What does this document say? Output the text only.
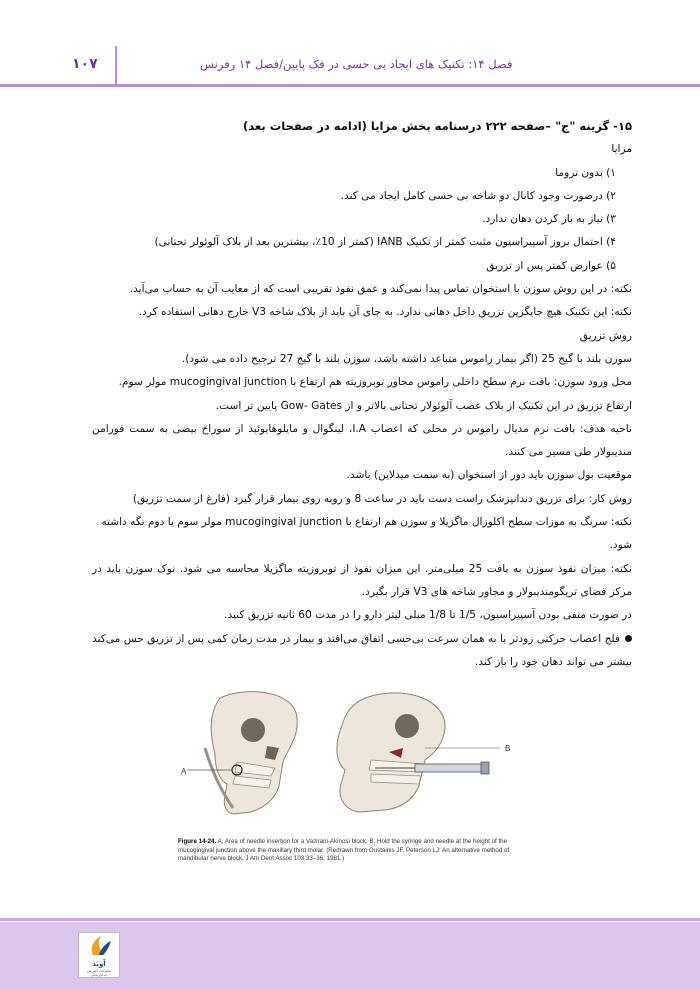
۱۰۷	فصل ۱۴: تکنیک های ایجاد بی حسی در فک پایین/فصل ۱۴ رفرنس

۱۵- گزینه "ج" –صفحه ۲۲۲ درسنامه بخش مزایا (ادامه در صفحات بعد)

مزایا

۱) بدون تروما

۲) درصورت وجود کانال دو شاخه بی حسی کامل ایجاد می کند.

۳) نیاز به باز کردن دهان ندارد.

۴) احتمال بروز آسپیراسیون مثبت کمتر از تکنیک IANB (کمتر از 10٪، بیشترین بعد از بلاک آلوئولر تحتانی)

۵) عوارض کمتر پس از تزریق

نکته: در این روش سوزن با استخوان تماس پیدا نمی‌کند و عمق نفوذ تقریبی است که از معایب آن به حساب می‌آید.

نکته: این تکنیک هیچ جایگزین تزریق داخل دهانی ندارد. به جای آن باید از بلاک شاخه V3 خارج دهانی استفاده کرد.

روش تزریق

سوزن بلند با گیج 25 (اگر بیمار راموس متباعد داشته باشد، سوزن بلند با گیج 27 ترجیح داده می شود).

محل ورود سوزن: بافت نرم سطح داخلی راموس مجاور توبروزیته هم ارتفاع با mucogingival junction مولر سوم.

ارتفاع تزریق در این تکنیک از بلاک عصب آلوئولار تحتانی بالاتر و از Gow- Gates پایین تر است.

ناحیه هدف: بافت نرم مدیال راموس در محلی که اعصاب I.A، لینگوال و مایلوهایوئید از سوراخ بیضی به سمت فورامن مندیبولار طی مسیر می کنند.

موقعیت بول سوزن باید دور از استخوان (به سمت میدلاین) باشد.

روش کار: برای تزریق دندانپزشک راست دست باید در ساعت 8 و روبه روی بیمار قرار گیرد (فارغ از سمت تزریق)

نکته: سرنگ به موزات سطح اکلوزال ماگزیلا و سوزن هم ارتفاع با mucogingival junction مولر سوم یا دوم نگه داشته شود.

نکته: میزان نفوذ سوزن به بافت 25 میلی‌متر. این میزان نفوذ از توبروزیته ماگزیلا محاسبه می شود. نوک سوزن باید در مرکز فضای تریگومندیبولار و مجاور شاخه های V3 قرار بگیرد.

در صورت منفی بودن آسپیراسیون، 1/5 تا 1/8 میلی لیتر دارو را در مدت 60 ثانیه تزریق کنید.

فلج اعصاب حرکتی زودتر یا به همان سرعت بی‌حسی اتفاق می‌افتد و بیمار در مدت زمان کمی پس از تزریق حس می‌کند بیشتر می تواند دهان خود را باز کند.

A
B
Figure 14-24. A, Area of needle insertion for a Vazirani-Akinosi block. B, Hold the syringe and needle at the height of the mucogingival junction above the maxillary third molar. (Redrawn from Gustainis JF, Peterson LJ: An alternative method of mandibular nerve block, J Am Dent Assoc 103:33–36, 1981.)
آوید
پیشرفت آموزش دندانپزشکی
